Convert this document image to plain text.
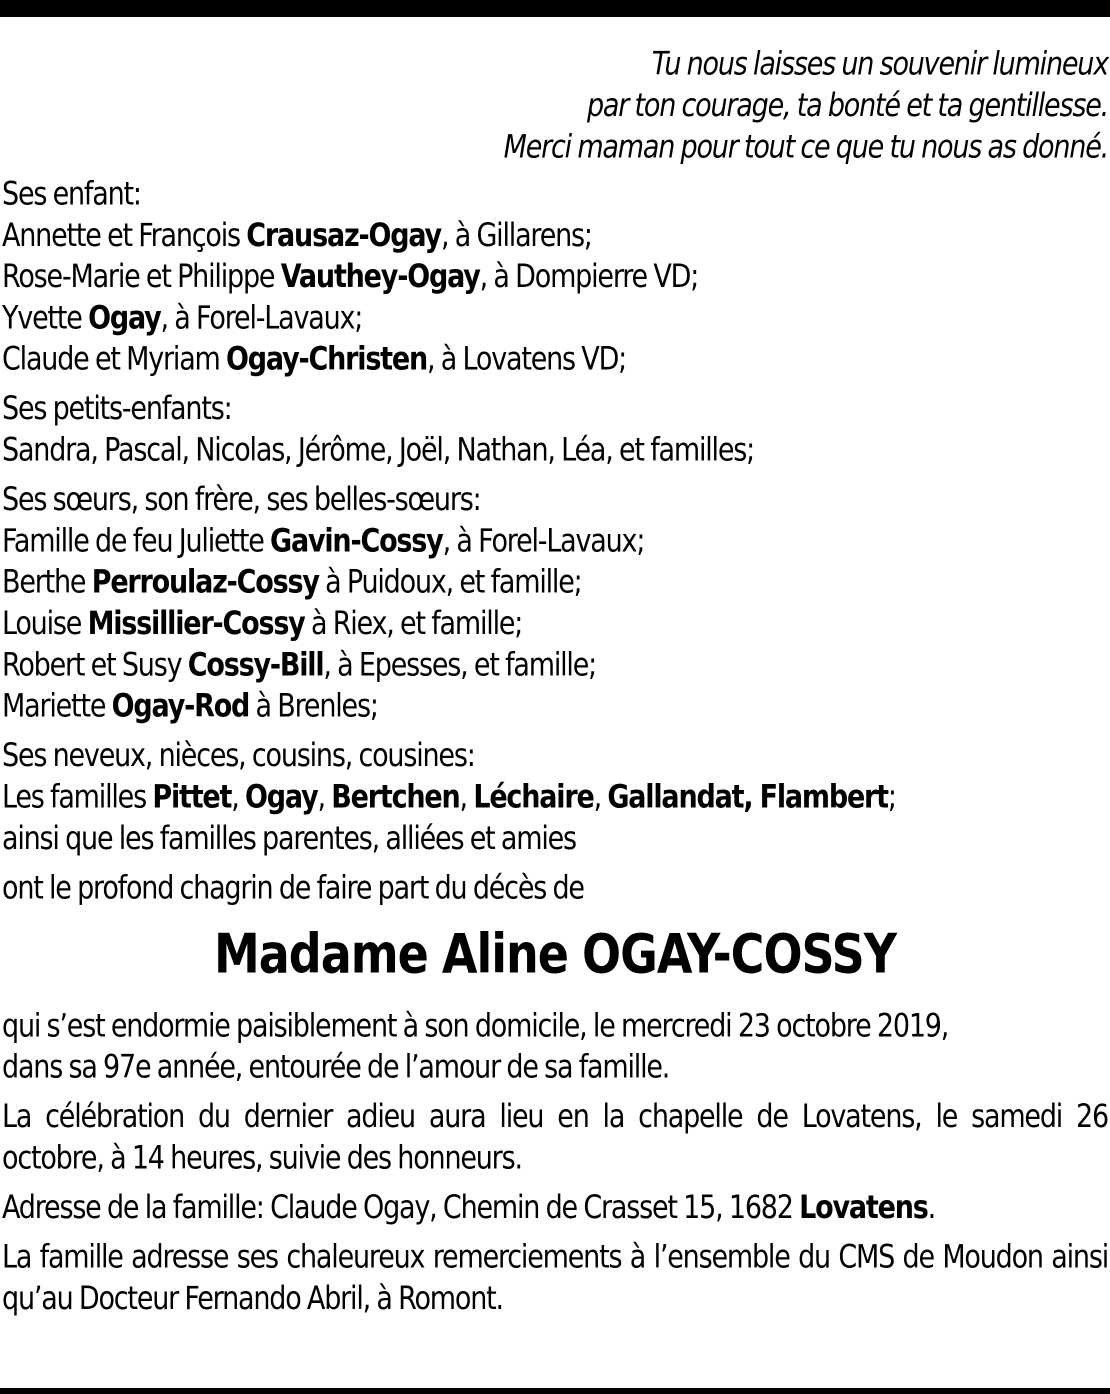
Tu nous laisses un souvenir lumineux
par ton courage, ta bonté et ta gentillesse.
Merci maman pour tout ce que tu nous as donné.
Ses enfant:
Annette et François Crausaz-Ogay, à Gillarens;
Rose-Marie et Philippe Vauthey-Ogay, à Dompierre VD;
Yvette Ogay, à Forel-Lavaux;
Claude et Myriam Ogay-Christen, à Lovatens VD;
Ses petits-enfants:
Sandra, Pascal, Nicolas, Jérôme, Joël, Nathan, Léa, et familles;
Ses sœurs, son frère, ses belles-sœurs:
Famille de feu Juliette Gavin-Cossy, à Forel-Lavaux;
Berthe Perroulaz-Cossy à Puidoux, et famille;
Louise Missillier-Cossy à Riex, et famille;
Robert et Susy Cossy-Bill, à Epesses, et famille;
Mariette Ogay-Rod à Brenles;
Ses neveux, nièces, cousins, cousines:
Les familles Pittet, Ogay, Bertchen, Léchaire, Gallandat, Flambert;
ainsi que les familles parentes, alliées et amies
ont le profond chagrin de faire part du décès de
Madame Aline OGAY-COSSY
qui s’est endormie paisiblement à son domicile, le mercredi 23 octobre 2019,
dans sa 97e année, entourée de l’amour de sa famille.
La célébration du dernier adieu aura lieu en la chapelle de Lovatens, le samedi 26 octobre, à 14 heures, suivie des honneurs.
Adresse de la famille: Claude Ogay, Chemin de Crasset 15, 1682 Lovatens.
La famille adresse ses chaleureux remerciements à l’ensemble du CMS de Moudon ainsi qu’au Docteur Fernando Abril, à Romont.
